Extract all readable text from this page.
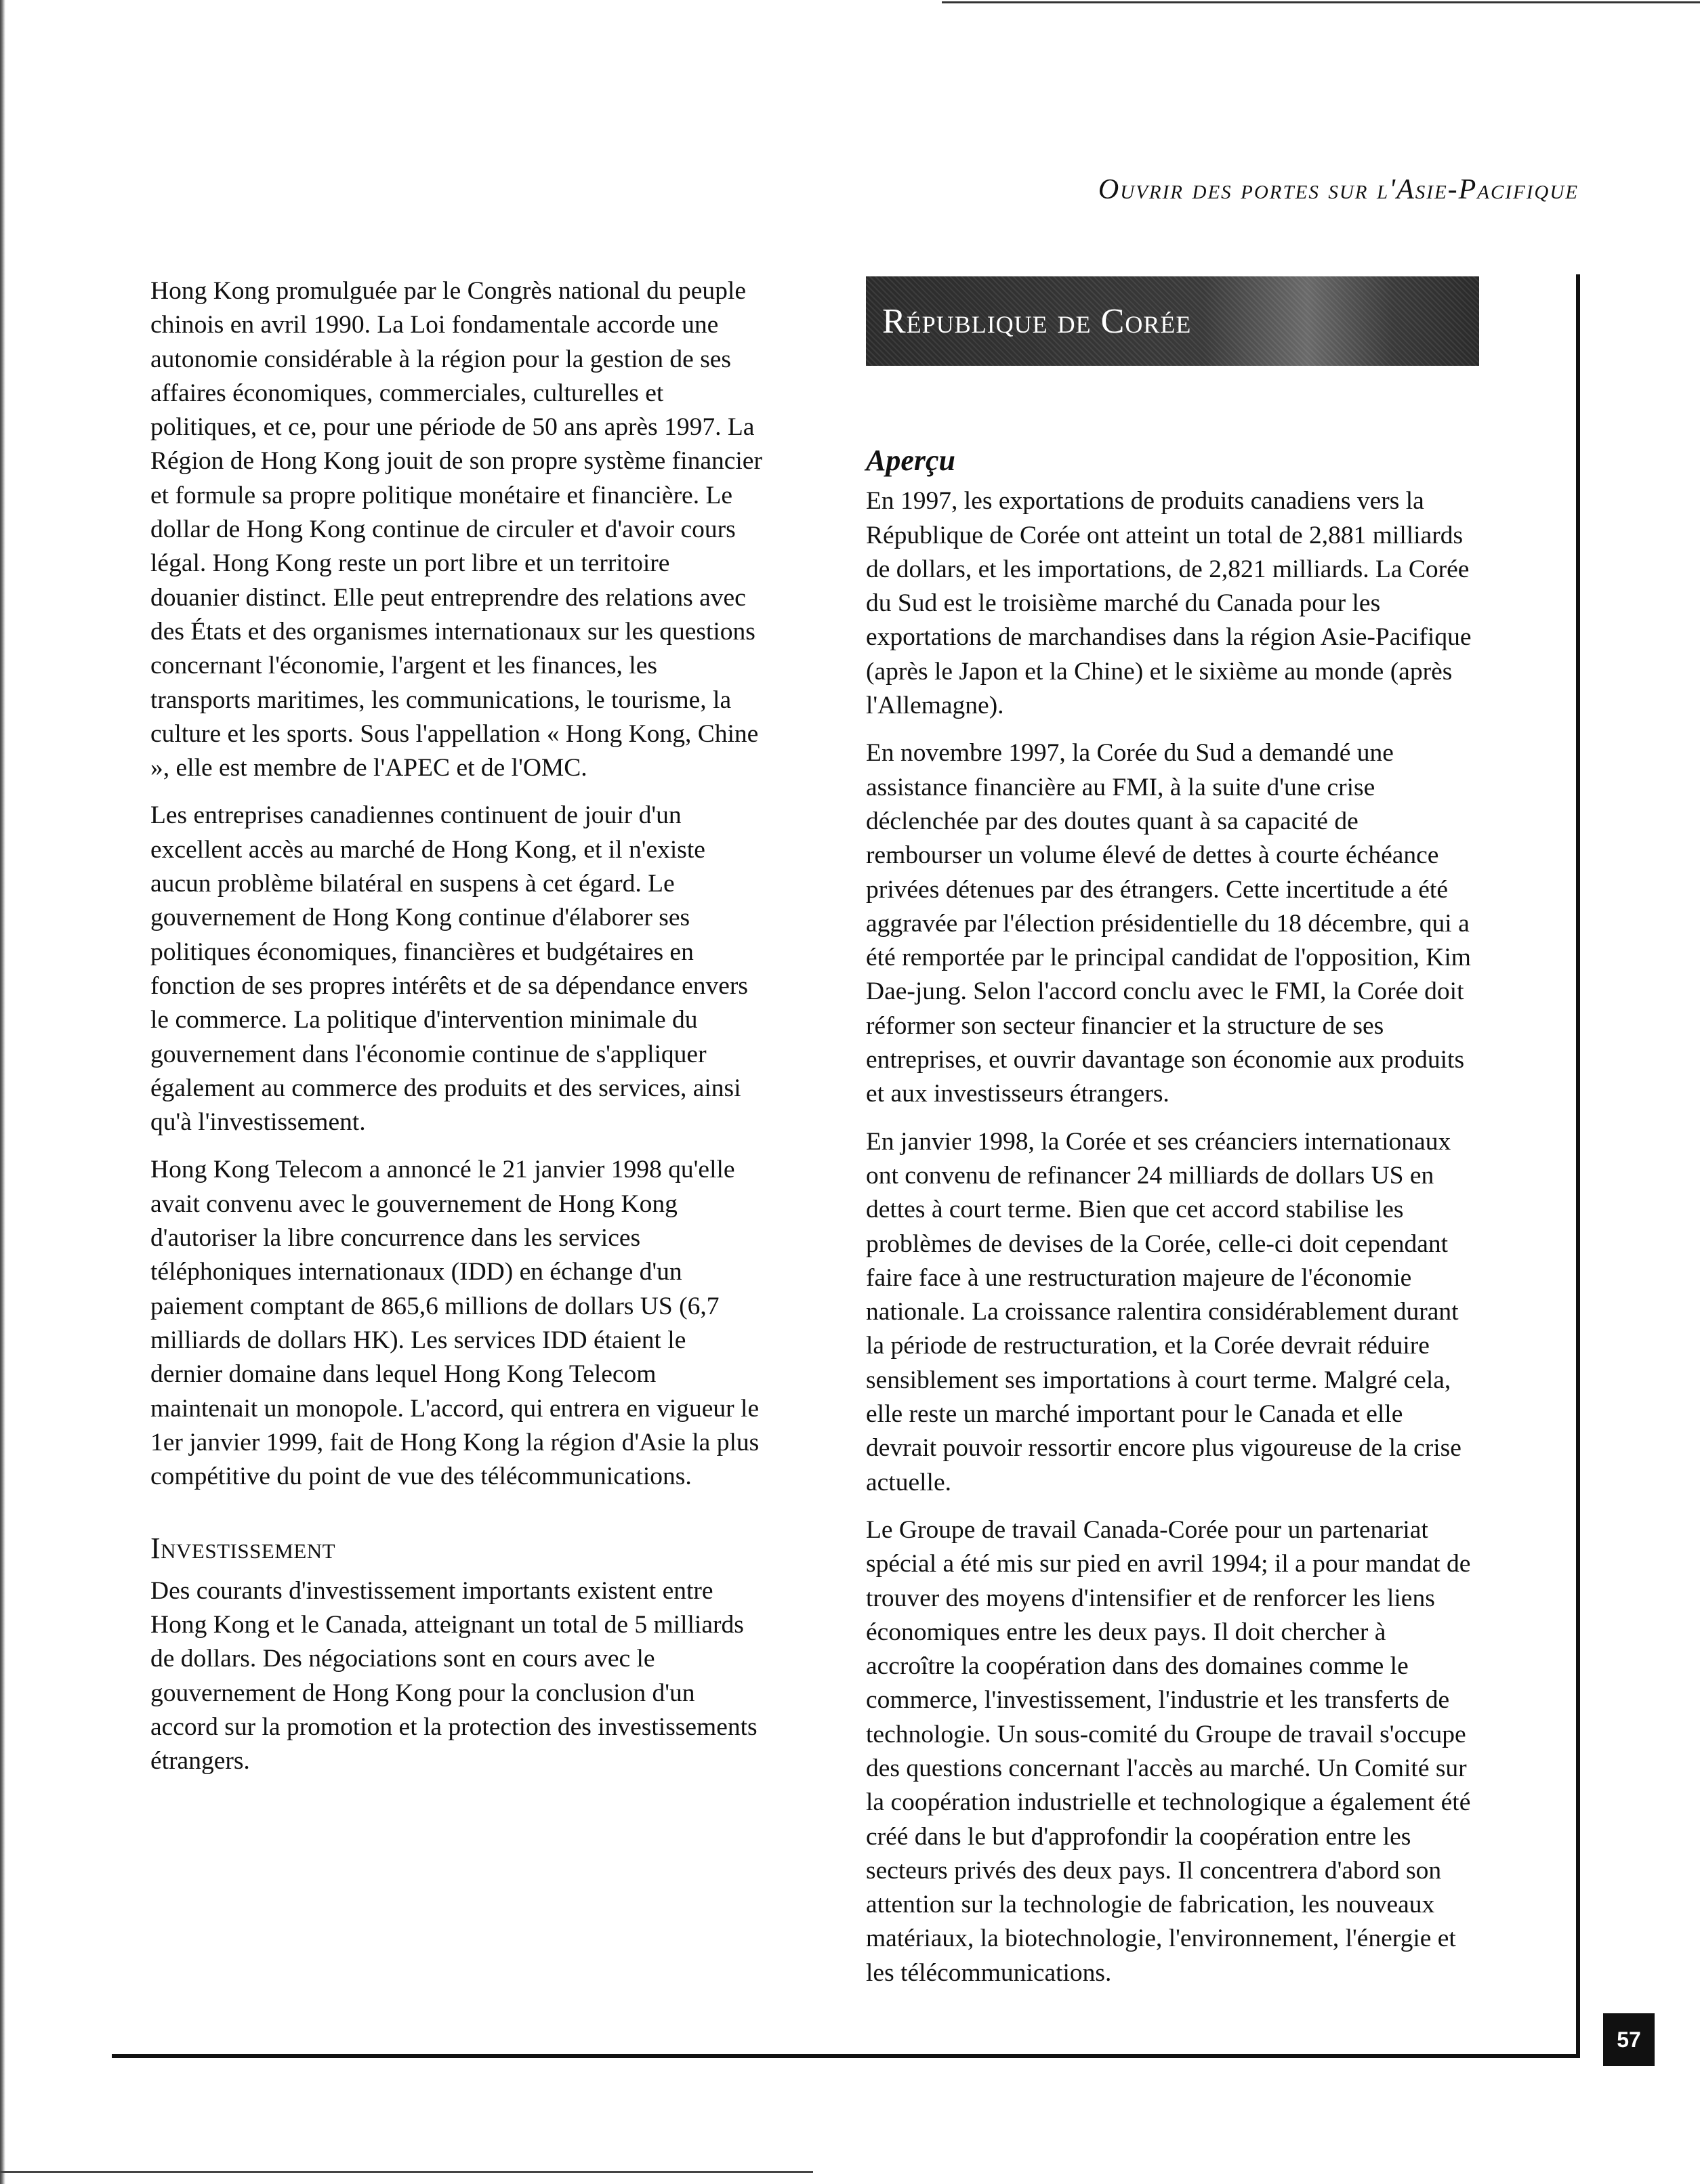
Ouvrir des portes sur l'Asie-Pacifique

Hong Kong promulguée par le Congrès national du peuple chinois en avril 1990. La Loi fondamentale accorde une autonomie considérable à la région pour la gestion de ses affaires économiques, commerciales, culturelles et politiques, et ce, pour une période de 50 ans après 1997. La Région de Hong Kong jouit de son propre système financier et formule sa propre politique monétaire et financière. Le dollar de Hong Kong continue de circuler et d'avoir cours légal. Hong Kong reste un port libre et un territoire douanier distinct. Elle peut entreprendre des relations avec des États et des organismes internationaux sur les questions concernant l'économie, l'argent et les finances, les transports maritimes, les communications, le tourisme, la culture et les sports. Sous l'appellation « Hong Kong, Chine », elle est membre de l'APEC et de l'OMC.

Les entreprises canadiennes continuent de jouir d'un excellent accès au marché de Hong Kong, et il n'existe aucun problème bilatéral en suspens à cet égard. Le gouvernement de Hong Kong continue d'élaborer ses politiques économiques, financières et budgétaires en fonction de ses propres intérêts et de sa dépendance envers le commerce. La politique d'intervention minimale du gouvernement dans l'économie continue de s'appliquer également au commerce des produits et des services, ainsi qu'à l'investissement.

Hong Kong Telecom a annoncé le 21 janvier 1998 qu'elle avait convenu avec le gouvernement de Hong Kong d'autoriser la libre concurrence dans les services téléphoniques internationaux (IDD) en échange d'un paiement comptant de 865,6 millions de dollars US (6,7 milliards de dollars HK). Les services IDD étaient le dernier domaine dans lequel Hong Kong Telecom maintenait un monopole. L'accord, qui entrera en vigueur le 1er janvier 1999, fait de Hong Kong la région d'Asie la plus compétitive du point de vue des télécommunications.

Investissement

Des courants d'investissement importants existent entre Hong Kong et le Canada, atteignant un total de 5 milliards de dollars. Des négociations sont en cours avec le gouvernement de Hong Kong pour la conclusion d'un accord sur la promotion et la protection des investissements étrangers.

République de Corée
Aperçu

En 1997, les exportations de produits canadiens vers la République de Corée ont atteint un total de 2,881 milliards de dollars, et les importations, de 2,821 milliards. La Corée du Sud est le troisième marché du Canada pour les exportations de marchandises dans la région Asie-Pacifique (après le Japon et la Chine) et le sixième au monde (après l'Allemagne).

En novembre 1997, la Corée du Sud a demandé une assistance financière au FMI, à la suite d'une crise déclenchée par des doutes quant à sa capacité de rembourser un volume élevé de dettes à courte échéance privées détenues par des étrangers. Cette incertitude a été aggravée par l'élection présidentielle du 18 décembre, qui a été remportée par le principal candidat de l'opposition, Kim Dae-jung. Selon l'accord conclu avec le FMI, la Corée doit réformer son secteur financier et la structure de ses entreprises, et ouvrir davantage son économie aux produits et aux investisseurs étrangers.

En janvier 1998, la Corée et ses créanciers internationaux ont convenu de refinancer 24 milliards de dollars US en dettes à court terme. Bien que cet accord stabilise les problèmes de devises de la Corée, celle-ci doit cependant faire face à une restructuration majeure de l'économie nationale. La croissance ralentira considérablement durant la période de restructuration, et la Corée devrait réduire sensiblement ses importations à court terme. Malgré cela, elle reste un marché important pour le Canada et elle devrait pouvoir ressortir encore plus vigoureuse de la crise actuelle.

Le Groupe de travail Canada-Corée pour un partenariat spécial a été mis sur pied en avril 1994; il a pour mandat de trouver des moyens d'intensifier et de renforcer les liens économiques entre les deux pays. Il doit chercher à accroître la coopération dans des domaines comme le commerce, l'investissement, l'industrie et les transferts de technologie. Un sous-comité du Groupe de travail s'occupe des questions concernant l'accès au marché. Un Comité sur la coopération industrielle et technologique a également été créé dans le but d'approfondir la coopération entre les secteurs privés des deux pays. Il concentrera d'abord son attention sur la technologie de fabrication, les nouveaux matériaux, la biotechnologie, l'environnement, l'énergie et les télécommunications.

57
